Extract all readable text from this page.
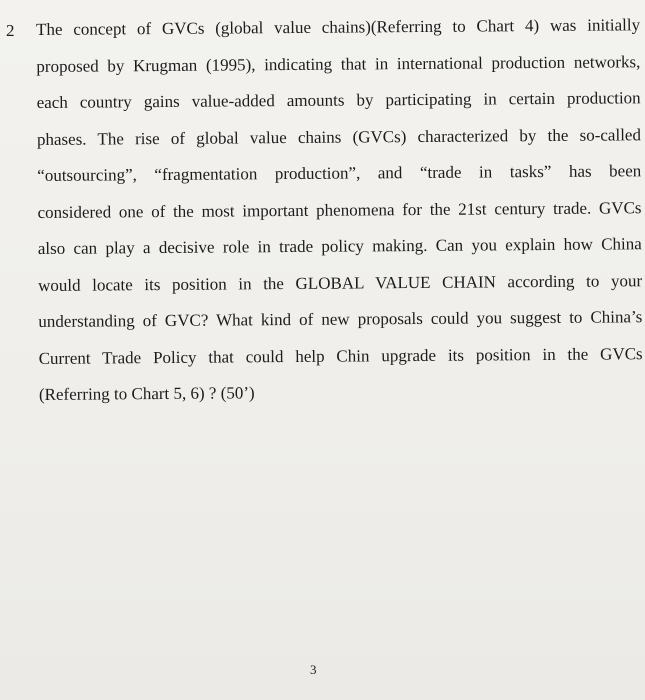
2 The concept of GVCs (global value chains)(Referring to Chart 4) was initially
proposed by Krugman (1995), indicating that in international production networks,
each country gains value-added amounts by participating in certain production
phases. The rise of global value chains (GVCs) characterized by the so-called
“outsourcing”, “fragmentation production”, and “trade in tasks” has been
considered one of the most important phenomena for the 21st century trade. GVCs
also can play a decisive role in trade policy making. Can you explain how China
would locate its position in the GLOBAL VALUE CHAIN according to your
understanding of GVC? What kind of new proposals could you suggest to China’s
Current Trade Policy that could help Chin upgrade its position in the GVCs
(Referring to Chart 5, 6) ? (50’)
3
